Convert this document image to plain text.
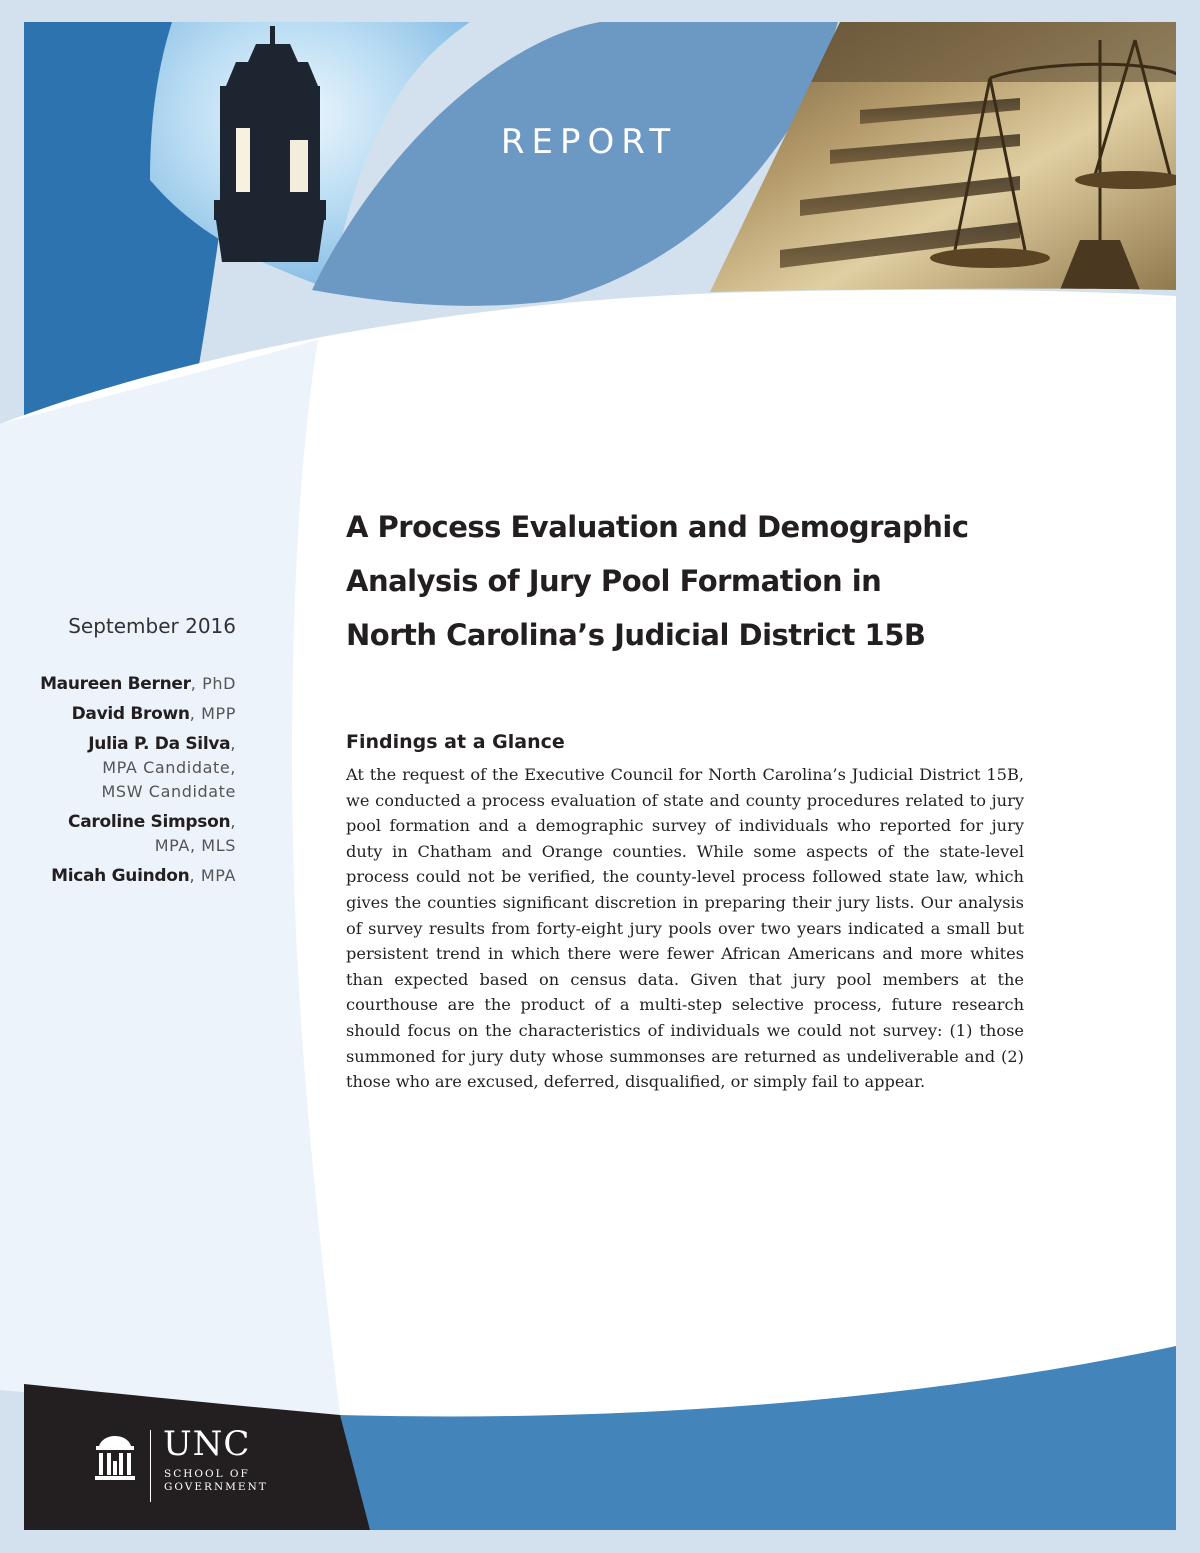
REPORT
A Process Evaluation and Demographic
Analysis of Jury Pool Formation in
North Carolina’s Judicial District 15B
September 2016
Maureen Berner, PhD
David Brown, MPP
Julia P. Da Silva,
MPA Candidate,
MSW Candidate
Caroline Simpson,
MPA, MLS
Micah Guindon, MPA
Findings at a Glance

At the request of the Executive Council for North Carolina’s Judicial District 15B, we conducted a process evaluation of state and county procedures related to jury pool formation and a demographic survey of individuals who reported for jury duty in Chatham and Orange counties. While some aspects of the state-level process could not be verified, the county-level process followed state law, which gives the counties significant discretion in preparing their jury lists. Our analysis of survey results from forty-eight jury pools over two years indicated a small but persistent trend in which there were fewer African Americans and more whites than expected based on census data. Given that jury pool members at the courthouse are the product of a multi-step selective process, future research should focus on the characteristics of individuals we could not survey: (1) those summoned for jury duty whose summonses are returned as undeliverable and (2) those who are excused, deferred, disqualified, or simply fail to appear.

UNC
SCHOOL OF
GOVERNMENT
